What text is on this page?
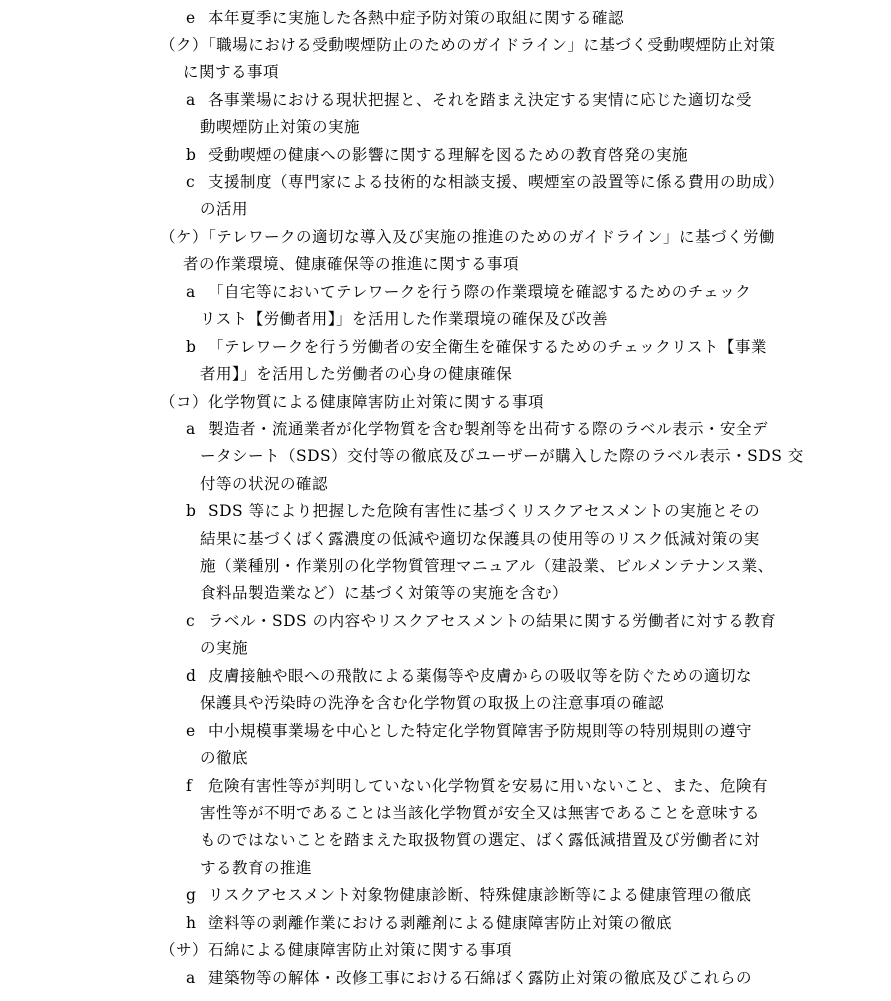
e 本年夏季に実施した各熱中症予防対策の取組に関する確認
（ク）「職場における受動喫煙防止のためのガイドライン」に基づく受動喫煙防止対策
に関する事項
a 各事業場における現状把握と、それを踏まえ決定する実情に応じた適切な受
動喫煙防止対策の実施
b 受動喫煙の健康への影響に関する理解を図るための教育啓発の実施
c 支援制度（専門家による技術的な相談支援、喫煙室の設置等に係る費用の助成）
の活用
（ケ）「テレワークの適切な導入及び実施の推進のためのガイドライン」に基づく労働
者の作業環境、健康確保等の推進に関する事項
a 「自宅等においてテレワークを行う際の作業環境を確認するためのチェック
リスト【労働者用】」を活用した作業環境の確保及び改善
b 「テレワークを行う労働者の安全衛生を確保するためのチェックリスト【事業
者用】」を活用した労働者の心身の健康確保
（コ）化学物質による健康障害防止対策に関する事項
a 製造者・流通業者が化学物質を含む製剤等を出荷する際のラベル表示・安全デ
ータシート（SDS）交付等の徹底及びユーザーが購入した際のラベル表示・SDS 交
付等の状況の確認
b SDS 等により把握した危険有害性に基づくリスクアセスメントの実施とその
結果に基づくばく露濃度の低減や適切な保護具の使用等のリスク低減対策の実
施（業種別・作業別の化学物質管理マニュアル（建設業、ビルメンテナンス業、
食料品製造業など）に基づく対策等の実施を含む）
c ラベル・SDS の内容やリスクアセスメントの結果に関する労働者に対する教育
の実施
d 皮膚接触や眼への飛散による薬傷等や皮膚からの吸収等を防ぐための適切な
保護具や汚染時の洗浄を含む化学物質の取扱上の注意事項の確認
e 中小規模事業場を中心とした特定化学物質障害予防規則等の特別規則の遵守
の徹底
f 危険有害性等が判明していない化学物質を安易に用いないこと、また、危険有
害性等が不明であることは当該化学物質が安全又は無害であることを意味する
ものではないことを踏まえた取扱物質の選定、ばく露低減措置及び労働者に対
する教育の推進
g リスクアセスメント対象物健康診断、特殊健康診断等による健康管理の徹底
h 塗料等の剥離作業における剥離剤による健康障害防止対策の徹底
（サ）石綿による健康障害防止対策に関する事項
a 建築物等の解体・改修工事における石綿ばく露防止対策の徹底及びこれらの
